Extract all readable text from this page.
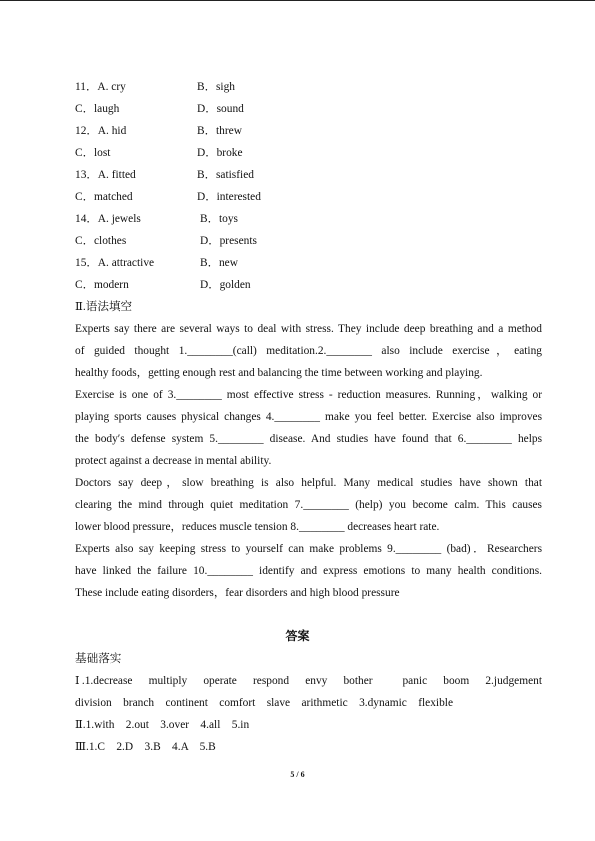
11．A. cry	B．sigh
C．laugh	D．sound
12．A. hid	B．threw
C．lost	D．broke
13．A. fitted	B．satisfied
C．matched	D．interested
14．A. jewels	B．toys
C．clothes	D．presents
15．A. attractive	B．new
C．modern	D．golden
Ⅱ.语法填空
Experts say there are several ways to deal with stress. They include deep breathing and a method
of guided thought 1.________(call) meditation.2.________ also include exercise，eating
healthy foods，getting enough rest and balancing the time between working and playing.
Exercise is one of 3.________ most effective stress - reduction measures. Running，walking or
playing sports causes physical changes 4.________ make you feel better. Exercise also improves
the body′s defense system 5.________ disease. And studies have found that 6.________ helps
protect against a decrease in mental ability.
Doctors say deep，slow breathing is also helpful. Many medical studies have shown that
clearing the mind through quiet meditation 7.________ (help) you become calm. This causes
lower blood pressure，reduces muscle tension 8.________ decreases heart rate.
Experts also say keeping stress to yourself can make problems 9.________ (bad)．Researchers
have linked the failure 10.________ identify and express emotions to many health conditions.
These include eating disorders，fear disorders and high blood pressure
答案
基础落实
Ⅰ.1.decrease　multiply　operate　respond　envy　bother　　panic　boom　2.judgement
division　branch　continent　comfort　slave　arithmetic　3.dynamic　flexible
Ⅱ.1.with　2.out　3.over　4.all　5.in
Ⅲ.1.C　2.D　3.B　4.A　5.B
5 / 6
